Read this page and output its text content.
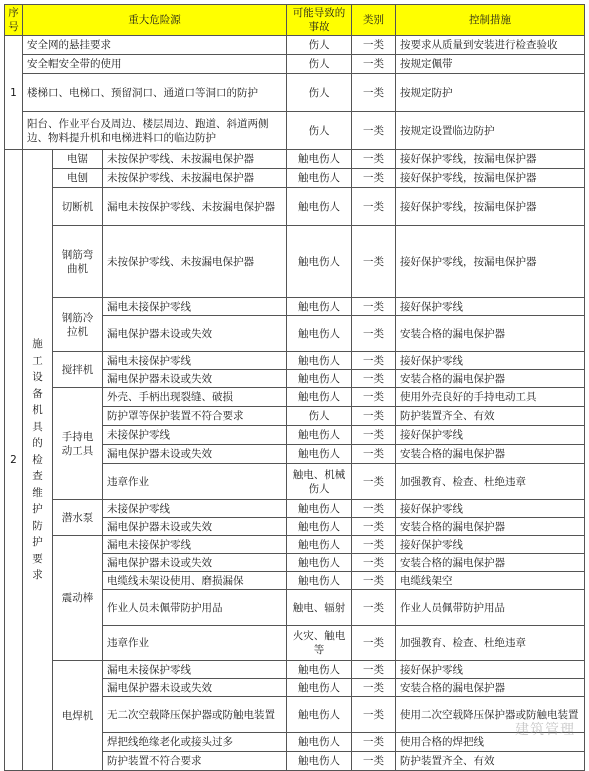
序号	重大危险源			可能导致的事故	类别	控制措施
1	安全网的悬挂要求			伤人	一类	按要求从质量到安装进行检查验收
	安全帽安全带的使用			伤人	一类	按规定佩带
	楼梯口、电梯口、预留洞口、通道口等洞口的防护			伤人	一类	按规定防护
	阳台、作业平台及周边、楼层周边、跑道、斜道两侧边、物料提升机和电梯进料口的临边防护			伤人	一类	按规定设置临边防护
2	施工设备机具的检查维护防护要求	电锯	未按保护零线、未按漏电保护器	触电伤人	一类	接好保护零线，按漏电保护器
		电刨	未按保护零线、未按漏电保护器	触电伤人	一类	接好保护零线，按漏电保护器
		切断机	漏电未按保护零线、未按漏电保护器	触电伤人	一类	接好保护零线，按漏电保护器
		钢筋弯曲机	未按保护零线、未按漏电保护器	触电伤人	一类	接好保护零线，按漏电保护器
		钢筋冷拉机	漏电未接保护零线	触电伤人	一类	接好保护零线
			漏电保护器未设或失效	触电伤人	一类	安装合格的漏电保护器
		搅拌机	漏电未接保护零线	触电伤人	一类	接好保护零线
			漏电保护器未设或失效	触电伤人	一类	安装合格的漏电保护器
		手持电动工具	外壳、手柄出现裂缝、破损	触电伤人	一类	使用外壳良好的手持电动工具
			防护罩等保护装置不符合要求	伤人	一类	防护装置齐全、有效
			未接保护零线	触电伤人	一类	接好保护零线
			漏电保护器未设或失效	触电伤人	一类	安装合格的漏电保护器
			违章作业	触电、机械伤人	一类	加强教育、检查、杜绝违章
		潜水泵	未接保护零线	触电伤人	一类	接好保护零线
			漏电保护器未设或失效	触电伤人	一类	安装合格的漏电保护器
		震动棒	漏电未接保护零线	触电伤人	一类	接好保护零线
			漏电保护器未设或失效	触电伤人	一类	安装合格的漏电保护器
			电缆线未架设使用、磨损漏保	触电伤人	一类	电缆线架空
			作业人员未佩带防护用品	触电、辐射	一类	作业人员佩带防护用品
			违章作业	火灾、触电等	一类	加强教育、检查、杜绝违章
		电焊机	漏电未接保护零线	触电伤人	一类	接好保护零线
			漏电保护器未设或失效	触电伤人	一类	安装合格的漏电保护器
			无二次空载降压保护器或防触电装置	触电伤人	一类	使用二次空载降压保护器或防触电装置
			焊把线绝缘老化或接头过多	触电伤人	一类	使用合格的焊把线
			防护装置不符合要求	触电伤人	一类	防护装置齐全、有效
建筑管理
